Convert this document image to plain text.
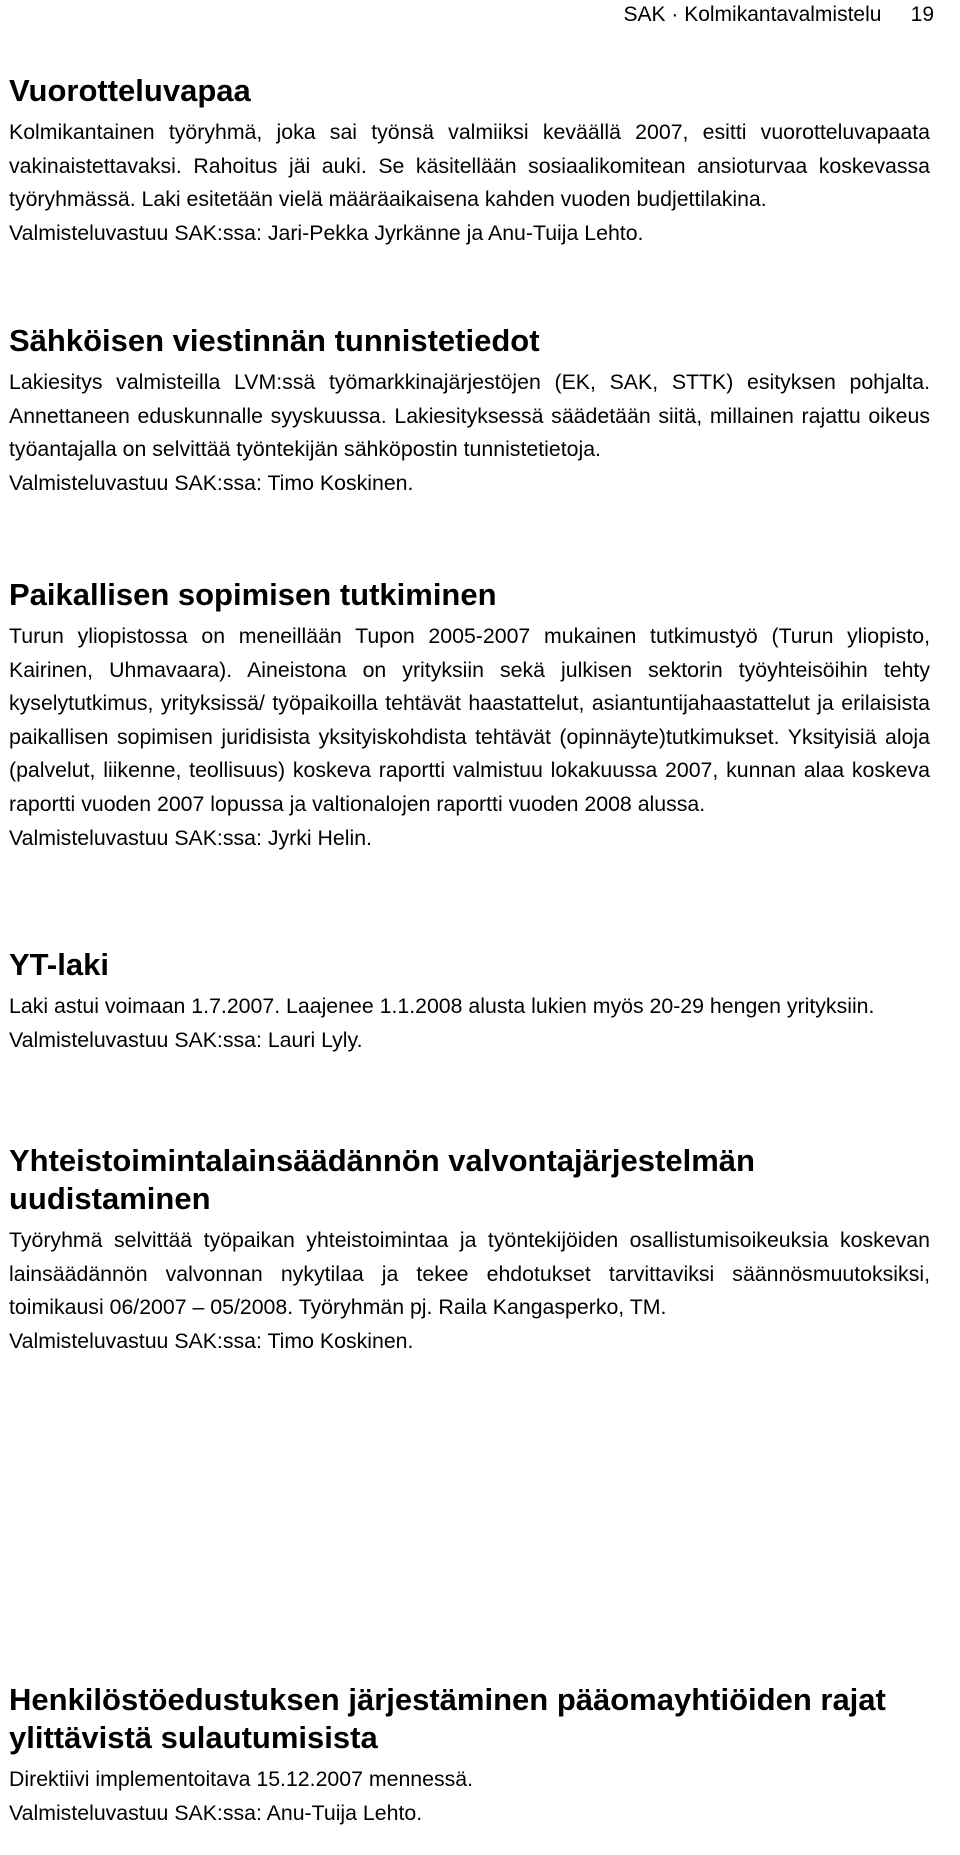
SAK · Kolmikantavalmistelu 19
Vuorotteluvapaa

Kolmikantainen työryhmä, joka sai työnsä valmiiksi keväällä 2007, esitti vuorotteluvapaata vakinaistettavaksi. Rahoitus jäi auki. Se käsitellään sosiaalikomitean ansioturvaa koskevassa työryhmässä. Laki esitetään vielä määräaikaisena kahden vuoden budjettilakina.

Valmisteluvastuu SAK:ssa: Jari-Pekka Jyrkänne ja Anu-Tuija Lehto.

Sähköisen viestinnän tunnistetiedot

Lakiesitys valmisteilla LVM:ssä työmarkkinajärjestöjen (EK, SAK, STTK) esityksen pohjalta. Annettaneen eduskunnalle syyskuussa. Lakiesityksessä säädetään siitä, millainen rajattu oikeus työantajalla on selvittää työntekijän sähköpostin tunnistetietoja.

Valmisteluvastuu SAK:ssa: Timo Koskinen.

Paikallisen sopimisen tutkiminen

Turun yliopistossa on meneillään Tupon 2005-2007 mukainen tutkimustyö (Turun yliopisto, Kairinen, Uhmavaara). Aineistona on yrityksiin sekä julkisen sektorin työyhteisöihin tehty kyselytutkimus, yrityksissä/ työpaikoilla tehtävät haastattelut, asiantuntijahaastattelut ja erilaisista paikallisen sopimisen juridisista yksityiskohdista tehtävät (opinnäyte)tutkimukset. Yksityisiä aloja (palvelut, liikenne, teollisuus) koskeva raportti valmistuu lokakuussa 2007, kunnan alaa koskeva raportti vuoden 2007 lopussa ja valtionalojen raportti vuoden 2008 alussa.

Valmisteluvastuu SAK:ssa: Jyrki Helin.

YT-laki

Laki astui voimaan 1.7.2007. Laajenee 1.1.2008 alusta lukien myös 20-29 hengen yrityksiin.

Valmisteluvastuu SAK:ssa: Lauri Lyly.

Yhteistoimintalainsäädännön valvontajärjestelmän uudistaminen

Työryhmä selvittää työpaikan yhteistoimintaa ja työntekijöiden osallistumisoikeuksia koskevan lainsäädännön valvonnan nykytilaa ja tekee ehdotukset tarvittaviksi säännösmuutoksiksi, toimikausi 06/2007 – 05/2008. Työryhmän pj. Raila Kangasperko, TM.

Valmisteluvastuu SAK:ssa: Timo Koskinen.

Henkilöstöedustuksen järjestäminen pääomayhtiöiden rajat ylittävistä sulautumisista

Direktiivi implementoitava 15.12.2007 mennessä.

Valmisteluvastuu SAK:ssa: Anu-Tuija Lehto.
